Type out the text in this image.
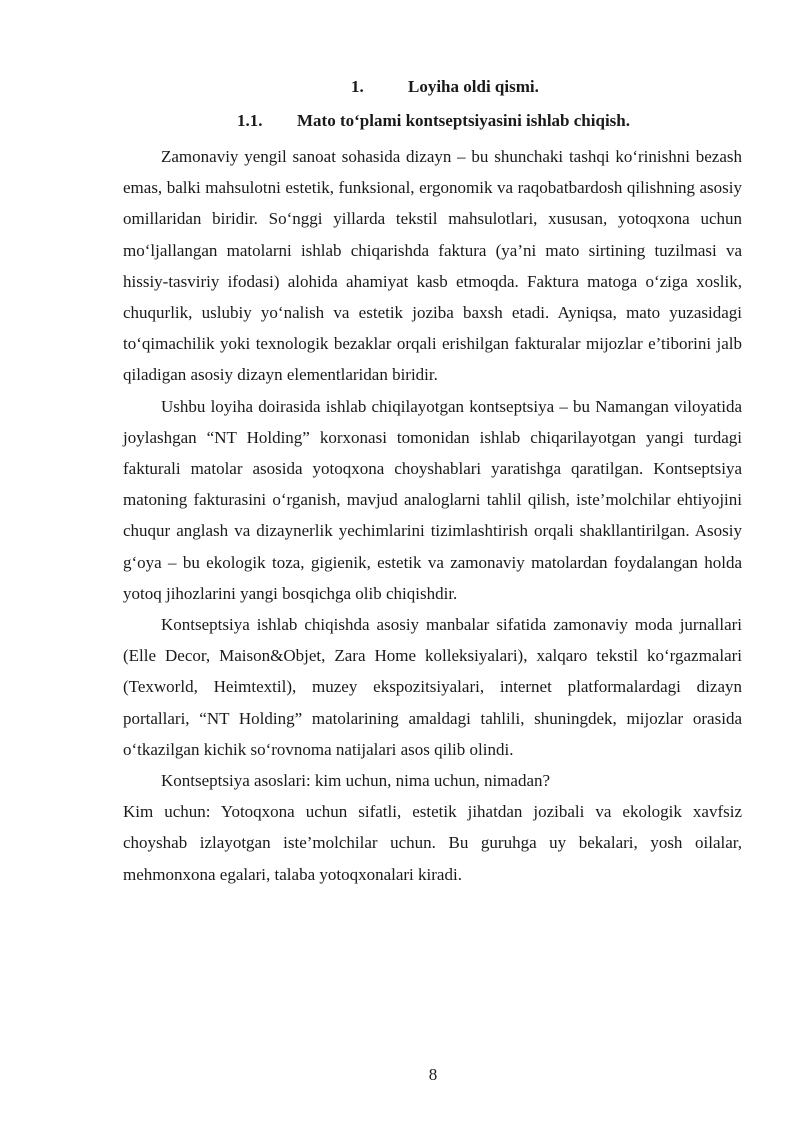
1.	Loyiha oldi qismi.
1.1. Mato to‘plami kontseptsiyasini ishlab chiqish.

Zamonaviy yengil sanoat sohasida dizayn – bu shunchaki tashqi ko‘rinishni bezash emas, balki mahsulotni estetik, funksional, ergonomik va raqobatbardosh qilishning asosiy omillaridan biridir. So‘nggi yillarda tekstil mahsulotlari, xususan, yotoqxona uchun mo‘ljallangan matolarni ishlab chiqarishda faktura (ya’ni mato sirtining tuzilmasi va hissiy-tasviriy ifodasi) alohida ahamiyat kasb etmoqda. Faktura matoga o‘ziga xoslik, chuqurlik, uslubiy yo‘nalish va estetik joziba baxsh etadi. Ayniqsa, mato yuzasidagi to‘qimachilik yoki texnologik bezaklar orqali erishilgan fakturalar mijozlar e’tiborini jalb qiladigan asosiy dizayn elementlaridan biridir.

Ushbu loyiha doirasida ishlab chiqilayotgan kontseptsiya – bu Namangan viloyatida joylashgan “NT Holding” korxonasi tomonidan ishlab chiqarilayotgan yangi turdagi fakturali matolar asosida yotoqxona choyshablari yaratishga qaratilgan. Kontseptsiya matoning fakturasini o‘rganish, mavjud analoglarni tahlil qilish, iste’molchilar ehtiyojini chuqur anglash va dizaynerlik yechimlarini tizimlashtirish orqali shakllantirilgan. Asosiy g‘oya – bu ekologik toza, gigienik, estetik va zamonaviy matolardan foydalangan holda yotoq jihozlarini yangi bosqichga olib chiqishdir.

Kontseptsiya ishlab chiqishda asosiy manbalar sifatida zamonaviy moda jurnallari (Elle Decor, Maison&Objet, Zara Home kolleksiyalari), xalqaro tekstil ko‘rgazmalari (Texworld, Heimtextil), muzey ekspozitsiyalari, internet platformalardagi dizayn portallari, “NT Holding” matolarining amaldagi tahlili, shuningdek, mijozlar orasida o‘tkazilgan kichik so‘rovnoma natijalari asos qilib olindi.

Kontseptsiya asoslari: kim uchun, nima uchun, nimadan?

Kim uchun: Yotoqxona uchun sifatli, estetik jihatdan jozibali va ekologik xavfsiz choyshab izlayotgan iste’molchilar uchun. Bu guruhga uy bekalari, yosh oilalar, mehmonxona egalari, talaba yotoqxonalari kiradi.

8
